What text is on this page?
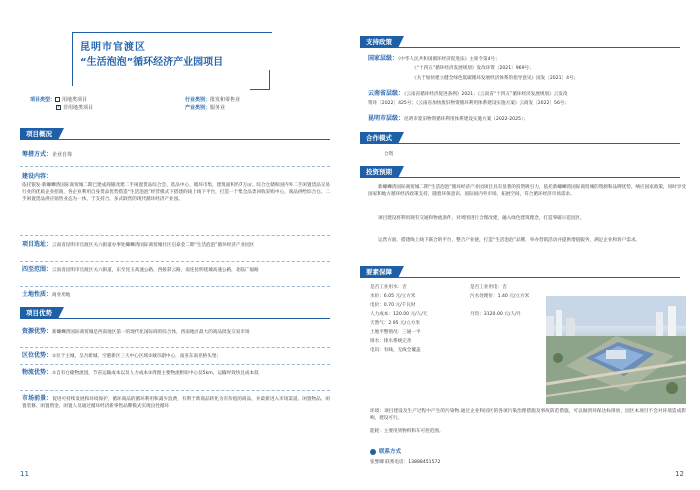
昆明市官渡区
“生活泡泡”循环经济产业园项目
项目类型： 用地类项目
✓非用地类项目
行业类别：批发和零售业
产业类别：服务业
项目概况
筹措方式：企业自筹
建设内容：
依托银发·新螺蛳湾国际商贸城二期已建成商铺改建二手闲置货品综合会、选品中心、循环市集，建筑面积约7万㎡。综合仓储和国内外二手闲置货品交易行业的优质企业招商，各企业利用自身货品优势搭造“生活泡泡”经营模式下搭建的线上线下平台，打造一个集全品类回收采购中心、商品供给综合仓、二手闲置货品供应销售业态为一体、于支持合、多式联营的现代循环经济产业园。
项目选址：云南省昆明市官渡区关六街道办事处螺蛳湾国际商贸城社区启泰金二期“生活泡泡”循环经济产业园区
四至范围：云南省昆明市官渡区关六街道，东至昆玉高速公路，西接彩云路，南连昆明绕城高速公路，北临广福路
土地性质：商业用地
项目优势
资源优势：新螺蛳湾国际商贸城是西南地区第一的现代化国际商贸综合体，西南地区最大的商品批发交易市场
区位优势：①位于主城，呈吾新城、空港新区三大中心区域②城市副中心，南亚东南亚桥头堡；
物流优势：①自有仓储物流园，节省运输成本以及人力成本②周围主要物流枢纽中心仅5km，运输时效快且成本低
市场前景：促进可持续发展和环境保护，循环商品的循环利用和减少浪费，有利于新商品转化为有价值的商品，并最新进入市场渠道。闲置物品、闲置装修、闲置资金、闲置人员通过循环经济新零售品牌模式实现良性循环
11
支持政策
国家层级：《中华人民共和国循环经济促进法》主席令第4号；
《“十四五”循环经济发展规划》发改环资〔2021〕969号；
《关于加快建立健全绿色低碳循环发展经济体系的指导意见》国发〔2021〕4号；
云南省层级：《云南省循环经济促进条例》2021；《云南省“十四五”循环经济发展规划》云发改
资环〔2022〕425号；《云南省加快废旧物资循环利用体系建设实施方案》云商发〔2022〕56号；
昆明市层级：昆明市废旧物资循环利用体系建设实施方案（2022-2025）；
合作模式
合资
投资预期
新螺蛳湾国际商贸城二期“生活泡泡”循环经济产业园项目具有显著的投资吸引力，依托新螺蛳湾国际商贸城的资源和品牌优势，响应国家政策，同时享受国家和地方循环经济政策支持，随着环保意识、国际国内外市场、拓展空间，符合循环经济市场需求。
项目建设将利用现有交通和物流条件，对周围进行合理改建，融入绿色建筑理念，打造零碳示范园区。
运营方面，搭建线上线下联合的平台，整合产业链，打造“生活泡泡”品牌，举办营销活动并提供增值服务，满足企业和客户需求。
要素保障
是否工业用水：否
水价：6.05 元/立方米
电价：0.70 元/千瓦时
人力成本：120.00 元/人/天
天然气：2.95 元/立方米
土地平整情况：三通一平
排水：排水系统完善
电讯：有线、无线全覆盖
是否工业用电：否
污水处理价：1.40 元/立方米

月均：3120.00 元/人/月
环境：项目建设及生产过程中产生的污染物,通过企业和园区的各项污染治理措施及事故防范措施，可以做到环保达标排放，园区本项目不会对环境造成影响，建设可行。
能耗：主要用到物料和车可控范围。
联系方式
张譬卿 联系电话：13888451572
12
